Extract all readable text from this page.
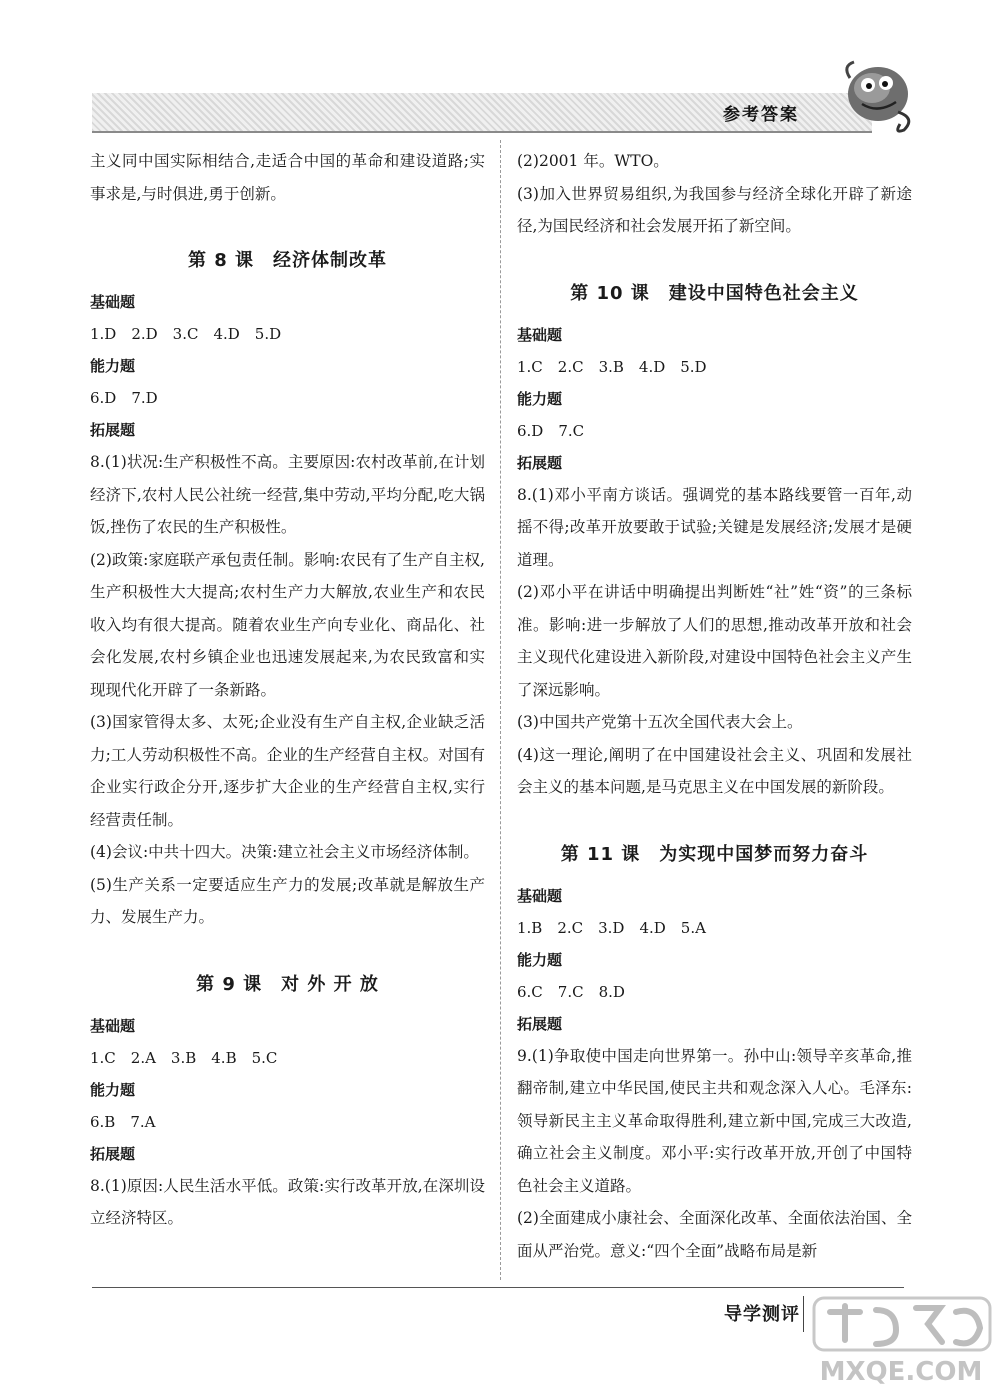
参考答案

主义同中国实际相结合,走适合中国的革命和建设道路;实事求是,与时俱进,勇于创新。

第 8 课　经济体制改革

基础题

1.D　2.D　3.C　4.D　5.D

能力题

6.D　7.D

拓展题

8.(1)状况:生产积极性不高。主要原因:农村改革前,在计划经济下,农村人民公社统一经营,集中劳动,平均分配,吃大锅饭,挫伤了农民的生产积极性。

(2)政策:家庭联产承包责任制。影响:农民有了生产自主权,生产积极性大大提高;农村生产力大解放,农业生产和农民收入均有很大提高。随着农业生产向专业化、商品化、社会化发展,农村乡镇企业也迅速发展起来,为农民致富和实现现代化开辟了一条新路。

(3)国家管得太多、太死;企业没有生产自主权,企业缺乏活力;工人劳动积极性不高。企业的生产经营自主权。对国有企业实行政企分开,逐步扩大企业的生产经营自主权,实行经营责任制。

(4)会议:中共十四大。决策:建立社会主义市场经济体制。

(5)生产关系一定要适应生产力的发展;改革就是解放生产力、发展生产力。

第 9 课　对 外 开 放

基础题

1.C　2.A　3.B　4.B　5.C

能力题

6.B　7.A

拓展题

8.(1)原因:人民生活水平低。政策:实行改革开放,在深圳设立经济特区。

(2)2001 年。WTO。

(3)加入世界贸易组织,为我国参与经济全球化开辟了新途径,为国民经济和社会发展开拓了新空间。

第 10 课　建设中国特色社会主义

基础题

1.C　2.C　3.B　4.D　5.D

能力题

6.D　7.C

拓展题

8.(1)邓小平南方谈话。强调党的基本路线要管一百年,动摇不得;改革开放要敢于试验;关键是发展经济;发展才是硬道理。

(2)邓小平在讲话中明确提出判断姓“社”姓“资”的三条标准。影响:进一步解放了人们的思想,推动改革开放和社会主义现代化建设进入新阶段,对建设中国特色社会主义产生了深远影响。

(3)中国共产党第十五次全国代表大会上。

(4)这一理论,阐明了在中国建设社会主义、巩固和发展社会主义的基本问题,是马克思主义在中国发展的新阶段。

第 11 课　为实现中国梦而努力奋斗

基础题

1.B　2.C　3.D　4.D　5.A

能力题

6.C　7.C　8.D

拓展题

9.(1)争取使中国走向世界第一。孙中山:领导辛亥革命,推翻帝制,建立中华民国,使民主共和观念深入人心。毛泽东:领导新民主主义革命取得胜利,建立新中国,完成三大改造,确立社会主义制度。邓小平:实行改革开放,开创了中国特色社会主义道路。

(2)全面建成小康社会、全面深化改革、全面依法治国、全面从严治党。意义:“四个全面”战略布局是新

导学测评
MXQE.COM
